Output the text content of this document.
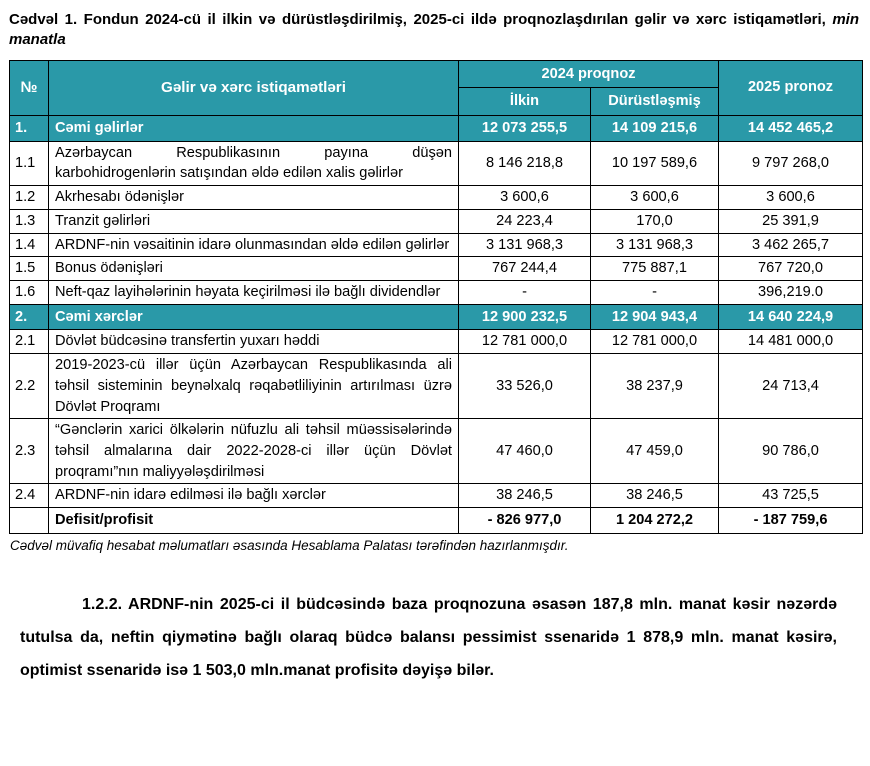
Cədvəl 1. Fondun 2024-cü il ilkin və dürüstləşdirilmiş, 2025-ci ildə proqnozlaşdırılan gəlir və xərc istiqamətləri, min manatla
№	Gəlir və xərc istiqamətləri	2024 proqnoz		2025 pronoz
		İlkin	Dürüstləşmiş	
1.	Cəmi gəlirlər	12 073 255,5	14 109 215,6	14 452 465,2
1.1	Azərbaycan Respublikasının payına düşən karbohidrogenlərin satışından əldə edilən xalis gəlirlər	8 146 218,8	10 197 589,6	9 797 268,0
1.2	Akrhesabı ödənişlər	3 600,6	3 600,6	3 600,6
1.3	Tranzit gəlirləri	24 223,4	170,0	25 391,9
1.4	ARDNF-nin vəsaitinin idarə olunmasından əldə edilən gəlirlər	3 131 968,3	3 131 968,3	3 462 265,7
1.5	Bonus ödənişləri	767 244,4	775 887,1	767 720,0
1.6	Neft-qaz layihələrinin həyata keçirilməsi ilə bağlı dividendlər	-	-	396,219.0
2.	Cəmi xərclər	12 900 232,5	12 904 943,4	14 640 224,9
2.1	Dövlət büdcəsinə transfertin yuxarı həddi	12 781 000,0	12 781 000,0	14 481 000,0
2.2	2019-2023-cü illər üçün Azərbaycan Respublikasında ali təhsil sisteminin beynəlxalq rəqabətliliyinin artırılması üzrə Dövlət Proqramı	33 526,0	38 237,9	24 713,4
2.3	“Gənclərin xarici ölkələrin nüfuzlu ali təhsil müəssisələrində təhsil almalarına dair 2022-2028-ci illər üçün Dövlət proqramı”nın maliyyələşdirilməsi	47 460,0	47 459,0	90 786,0
2.4	ARDNF-nin idarə edilməsi ilə bağlı xərclər	38 246,5	38 246,5	43 725,5
	Defisit/profisit	- 826 977,0	1 204 272,2	- 187 759,6
Cədvəl müvafiq hesabat məlumatları əsasında Hesablama Palatası tərəfindən hazırlanmışdır.
1.2.2. ARDNF-nin 2025-ci il büdcəsində baza proqnozuna əsasən 187,8 mln. manat kəsir nəzərdə tutulsa da, neftin qiymətinə bağlı olaraq büdcə balansı pessimist ssenaridə 1 878,9 mln. manat kəsirə, optimist ssenaridə isə 1 503,0 mln.manat profisitə dəyişə bilər.
